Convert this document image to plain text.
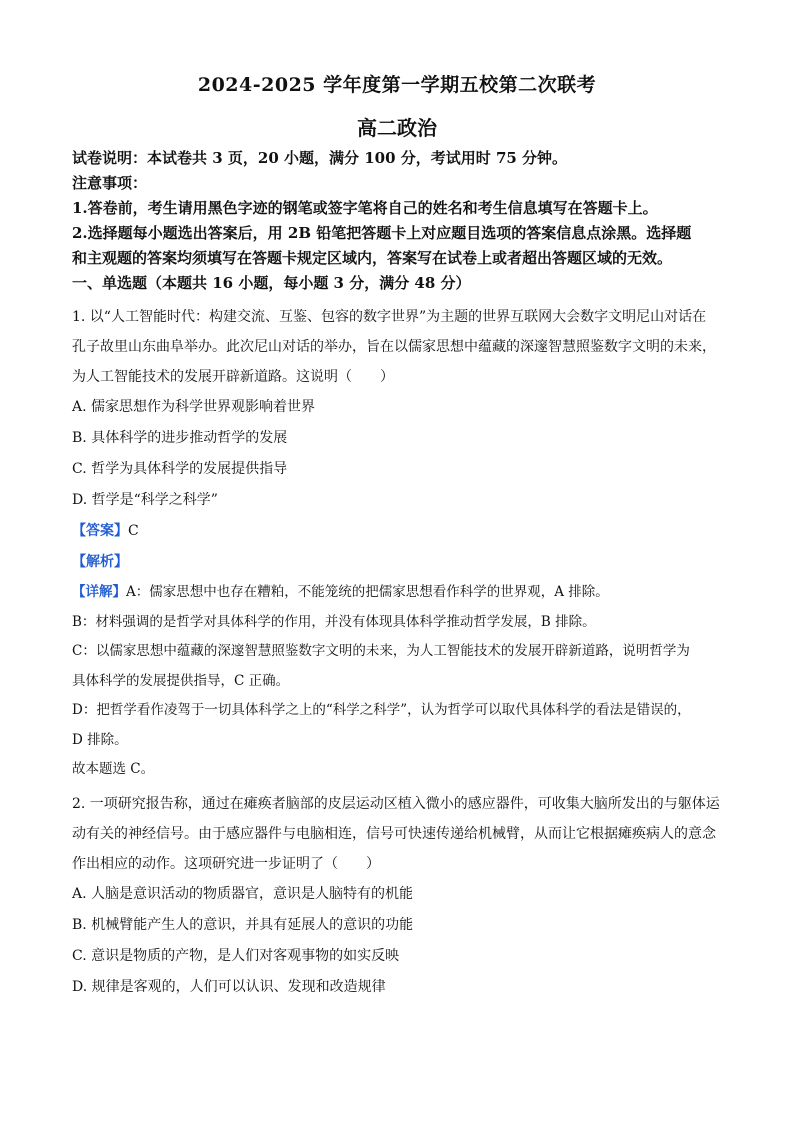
2024-2025 学年度第一学期五校第二次联考
高二政治

试卷说明：本试卷共 3 页，20 小题，满分 100 分，考试用时 75 分钟。

注意事项：

1.答卷前，考生请用黑色字迹的钢笔或签字笔将自己的姓名和考生信息填写在答题卡上。

2.选择题每小题选出答案后，用 2B 铅笔把答题卡上对应题目选项的答案信息点涂黑。选择题

和主观题的答案均须填写在答题卡规定区域内，答案写在试卷上或者超出答题区域的无效。

一、单选题（本题共 16 小题，每小题 3 分，满分 48 分）

1. 以“人工智能时代：构建交流、互鉴、包容的数字世界”为主题的世界互联网大会数字文明尼山对话在

孔子故里山东曲阜举办。此次尼山对话的举办，旨在以儒家思想中蕴藏的深邃智慧照鉴数字文明的未来，

为人工智能技术的发展开辟新道路。这说明（　　）

A. 儒家思想作为科学世界观影响着世界

B. 具体科学的进步推动哲学的发展

C. 哲学为具体科学的发展提供指导

D. 哲学是“科学之科学”

【答案】C

【解析】

【详解】A：儒家思想中也存在糟粕，不能笼统的把儒家思想看作科学的世界观，A 排除。

B：材料强调的是哲学对具体科学的作用，并没有体现具体科学推动哲学发展，B 排除。

C：以儒家思想中蕴藏的深邃智慧照鉴数字文明的未来，为人工智能技术的发展开辟新道路，说明哲学为

具体科学的发展提供指导，C 正确。

D：把哲学看作凌驾于一切具体科学之上的“科学之科学”，认为哲学可以取代具体科学的看法是错误的，

D 排除。

故本题选 C。

2. 一项研究报告称，通过在瘫痪者脑部的皮层运动区植入微小的感应器件，可收集大脑所发出的与躯体运

动有关的神经信号。由于感应器件与电脑相连，信号可快速传递给机械臂，从而让它根据瘫痪病人的意念

作出相应的动作。这项研究进一步证明了（　　）

A. 人脑是意识活动的物质器官，意识是人脑特有的机能

B. 机械臂能产生人的意识，并具有延展人的意识的功能

C. 意识是物质的产物，是人们对客观事物的如实反映

D. 规律是客观的，人们可以认识、发现和改造规律
